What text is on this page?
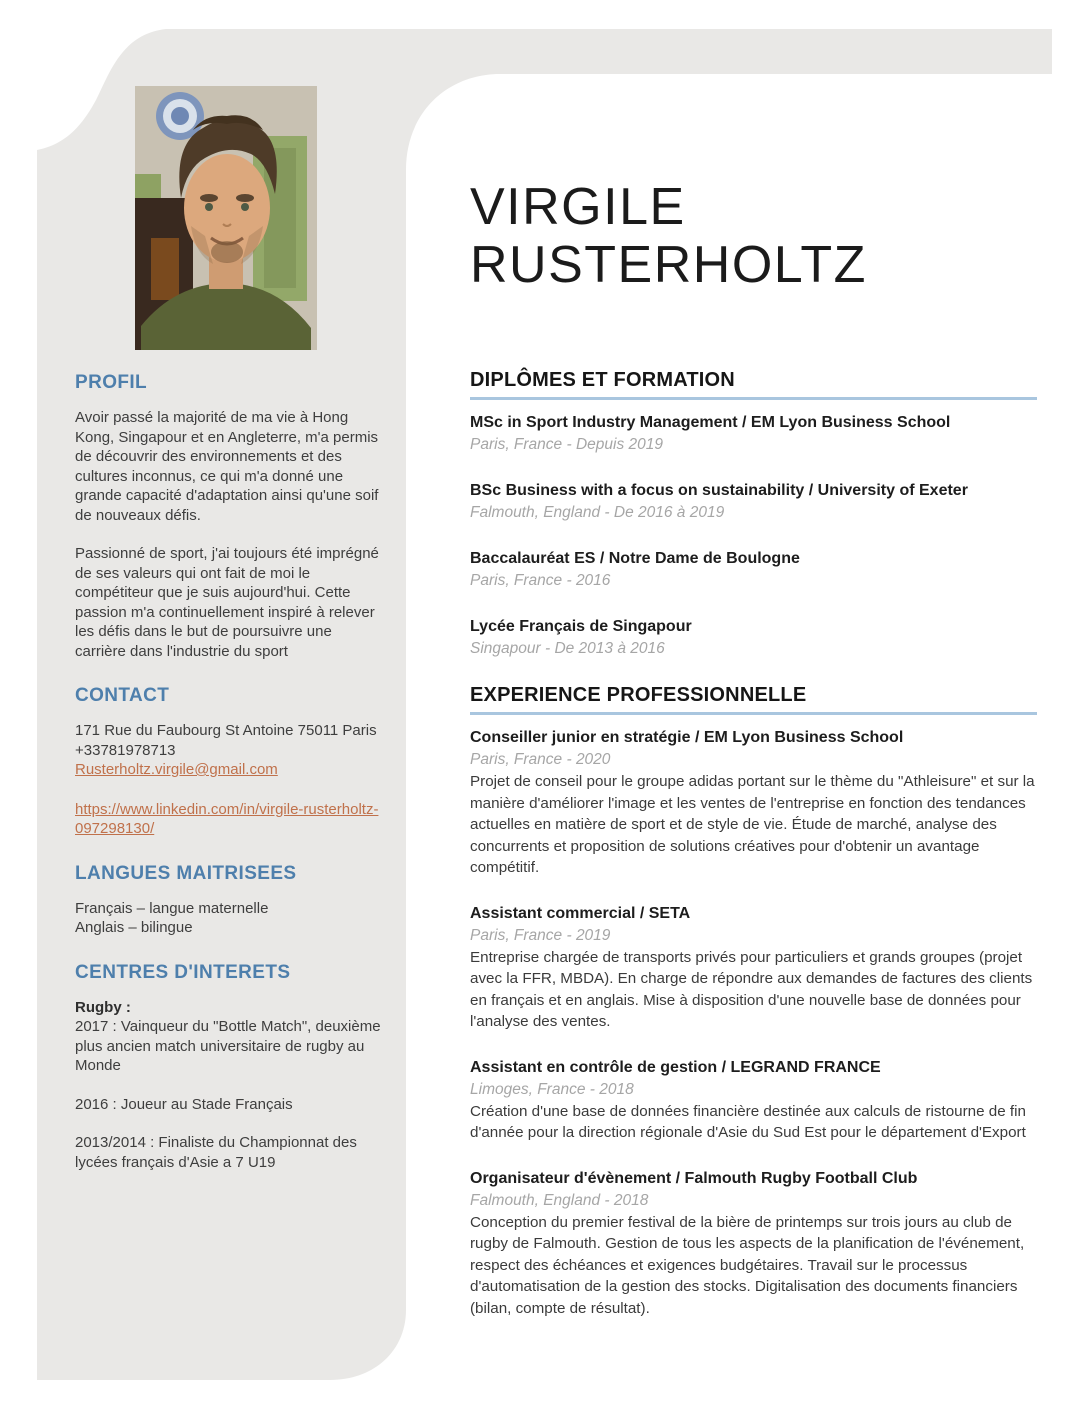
PROFIL

Avoir passé la majorité de ma vie à Hong Kong, Singapour et en Angleterre, m'a permis de découvrir des environnements et des cultures inconnus, ce qui m'a donné une grande capacité d'adaptation ainsi qu'une soif de nouveaux défis.

Passionné de sport, j'ai toujours été imprégné de ses valeurs qui ont fait de moi le compétiteur que je suis aujourd'hui. Cette passion m'a continuellement inspiré à relever les défis dans le but de poursuivre une carrière dans l'industrie du sport

CONTACT

171 Rue du Faubourg St Antoine 75011 Paris

+33781978713

Rusterholtz.virgile@gmail.com
https://www.linkedin.com/in/virgile-rusterholtz-097298130/
LANGUES MAITRISEES

Français – langue maternelle

Anglais – bilingue

CENTRES D'INTERETS

Rugby :

2017 : Vainqueur du "Bottle Match", deuxième plus ancien match universitaire de rugby au Monde

2016 : Joueur au Stade Français

2013/2014 : Finaliste du Championnat des lycées français d'Asie a 7 U19

VIRGILE
RUSTERHOLTZ
DIPLÔMES ET FORMATION

MSc in Sport Industry Management / EM Lyon Business School

Paris, France - Depuis 2019

BSc Business with a focus on sustainability / University of Exeter

Falmouth, England - De 2016 à 2019

Baccalauréat ES / Notre Dame de Boulogne

Paris, France - 2016

Lycée Français de Singapour

Singapour - De 2013 à 2016

EXPERIENCE PROFESSIONNELLE

Conseiller junior en stratégie / EM Lyon Business School

Paris, France - 2020

Projet de conseil pour le groupe adidas portant sur le thème du "Athleisure" et sur la manière d'améliorer l'image et les ventes de l'entreprise en fonction des tendances actuelles en matière de sport et de style de vie. Étude de marché, analyse des concurrents et proposition de solutions créatives pour d'obtenir un avantage compétitif.

Assistant commercial / SETA

Paris, France - 2019

Entreprise chargée de transports privés pour particuliers et grands groupes (projet avec la FFR, MBDA). En charge de répondre aux demandes de factures des clients en français et en anglais. Mise à disposition d'une nouvelle base de données pour l'analyse des ventes.

Assistant en contrôle de gestion / LEGRAND FRANCE

Limoges, France - 2018

Création d'une base de données financière destinée aux calculs de ristourne de fin d'année pour la direction régionale d'Asie du Sud Est pour le département d'Export

Organisateur d'évènement / Falmouth Rugby Football Club

Falmouth, England - 2018

Conception du premier festival de la bière de printemps sur trois jours au club de rugby de Falmouth. Gestion de tous les aspects de la planification de l'événement, respect des échéances et exigences budgétaires. Travail sur le processus d'automatisation de la gestion des stocks. Digitalisation des documents financiers (bilan, compte de résultat).
